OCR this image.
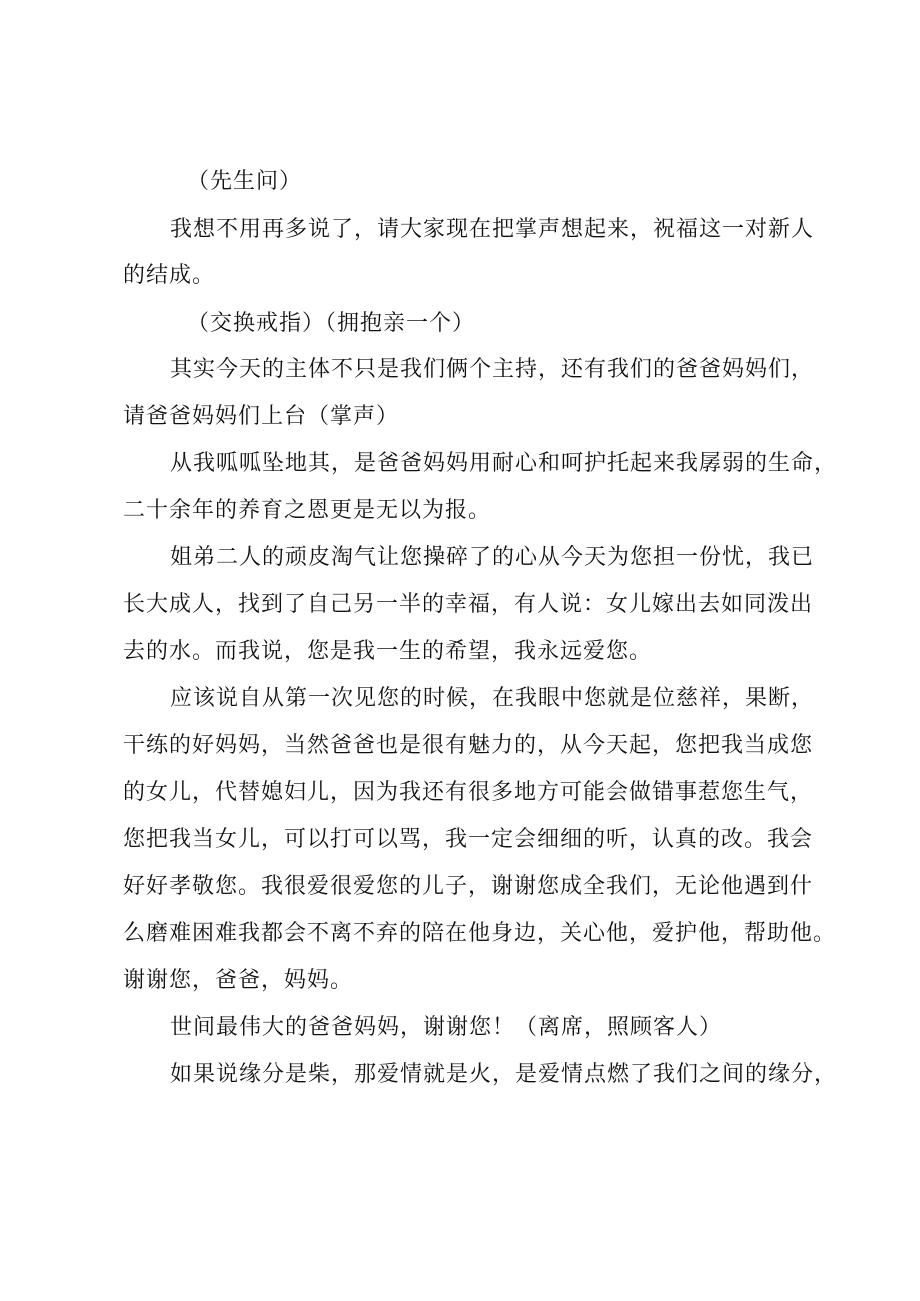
（先生问）
我想不用再多说了，请大家现在把掌声想起来，祝福这一对新人
的结成。
（交换戒指）（拥抱亲一个）
其实今天的主体不只是我们俩个主持，还有我们的爸爸妈妈们，
请爸爸妈妈们上台（掌声）
从我呱呱坠地其，是爸爸妈妈用耐心和呵护托起来我孱弱的生命，
二十余年的养育之恩更是无以为报。
姐弟二人的顽皮淘气让您操碎了的心从今天为您担一份忧，我已
长大成人，找到了自己另一半的幸福，有人说：女儿嫁出去如同泼出
去的水。而我说，您是我一生的希望，我永远爱您。
应该说自从第一次见您的时候，在我眼中您就是位慈祥，果断，
干练的好妈妈，当然爸爸也是很有魅力的，从今天起，您把我当成您
的女儿，代替媳妇儿，因为我还有很多地方可能会做错事惹您生气，
您把我当女儿，可以打可以骂，我一定会细细的听，认真的改。我会
好好孝敬您。我很爱很爱您的儿子，谢谢您成全我们，无论他遇到什
么磨难困难我都会不离不弃的陪在他身边，关心他，爱护他，帮助他。
谢谢您，爸爸，妈妈。
世间最伟大的爸爸妈妈，谢谢您！（离席，照顾客人）
如果说缘分是柴，那爱情就是火，是爱情点燃了我们之间的缘分，
